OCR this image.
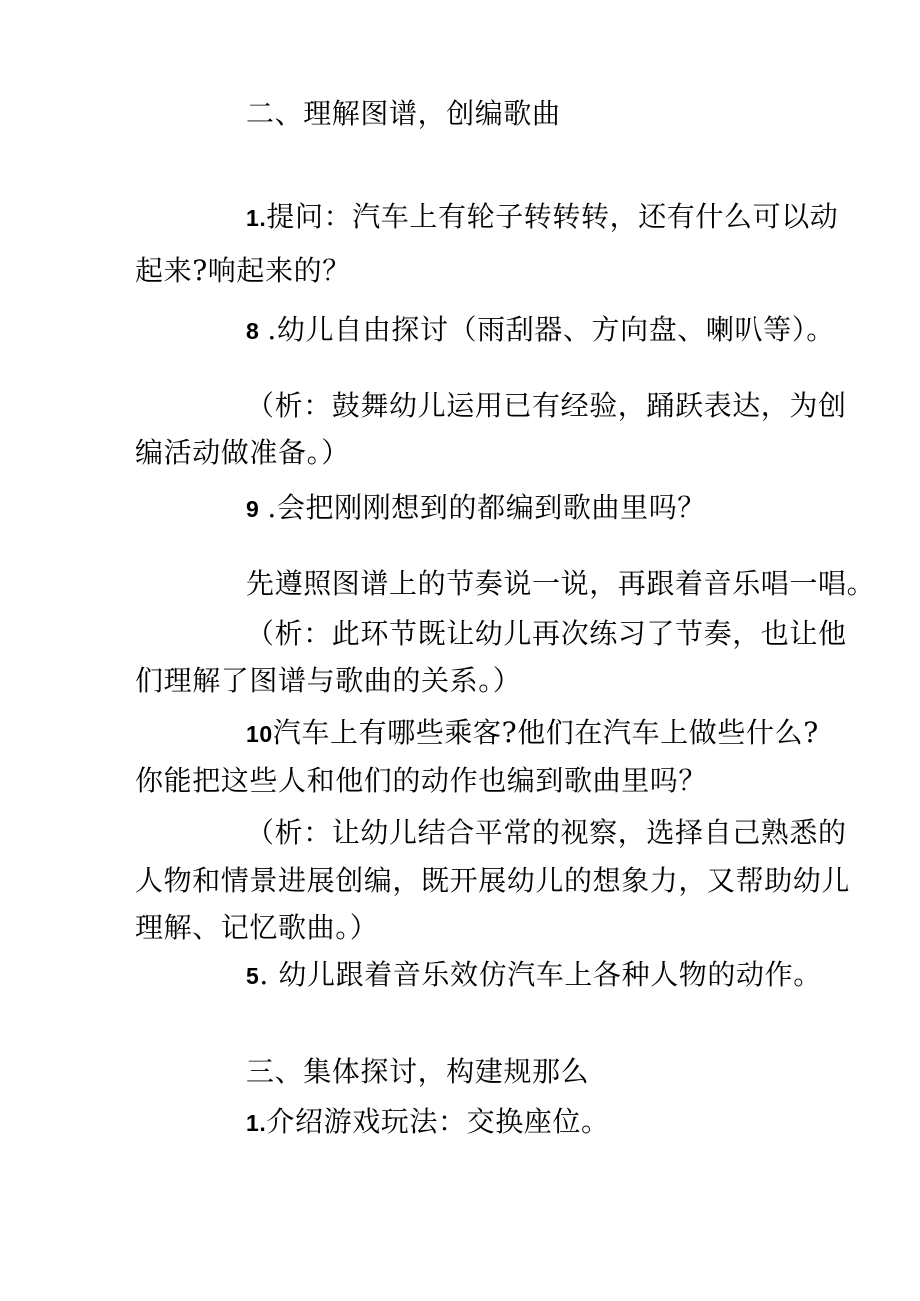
二、理解图谱，创编歌曲
1.提问：汽车上有轮子转转转，还有什么可以动
起来?响起来的？
8 .幼儿自由探讨（雨刮器、方向盘、喇叭等）。
（析：鼓舞幼儿运用已有经验，踊跃表达，为创
编活动做准备。）
9 .会把刚刚想到的都编到歌曲里吗？
先遵照图谱上的节奏说一说，再跟着音乐唱一唱。
（析：此环节既让幼儿再次练习了节奏，也让他
们理解了图谱与歌曲的关系。）
10汽车上有哪些乘客?他们在汽车上做些什么?
你能把这些人和他们的动作也编到歌曲里吗？
（析：让幼儿结合平常的视察，选择自己熟悉的
人物和情景进展创编，既开展幼儿的想象力，又帮助幼儿
理解、记忆歌曲。）
5. 幼儿跟着音乐效仿汽车上各种人物的动作。
三、集体探讨，构建规那么
1.介绍游戏玩法：交换座位。
